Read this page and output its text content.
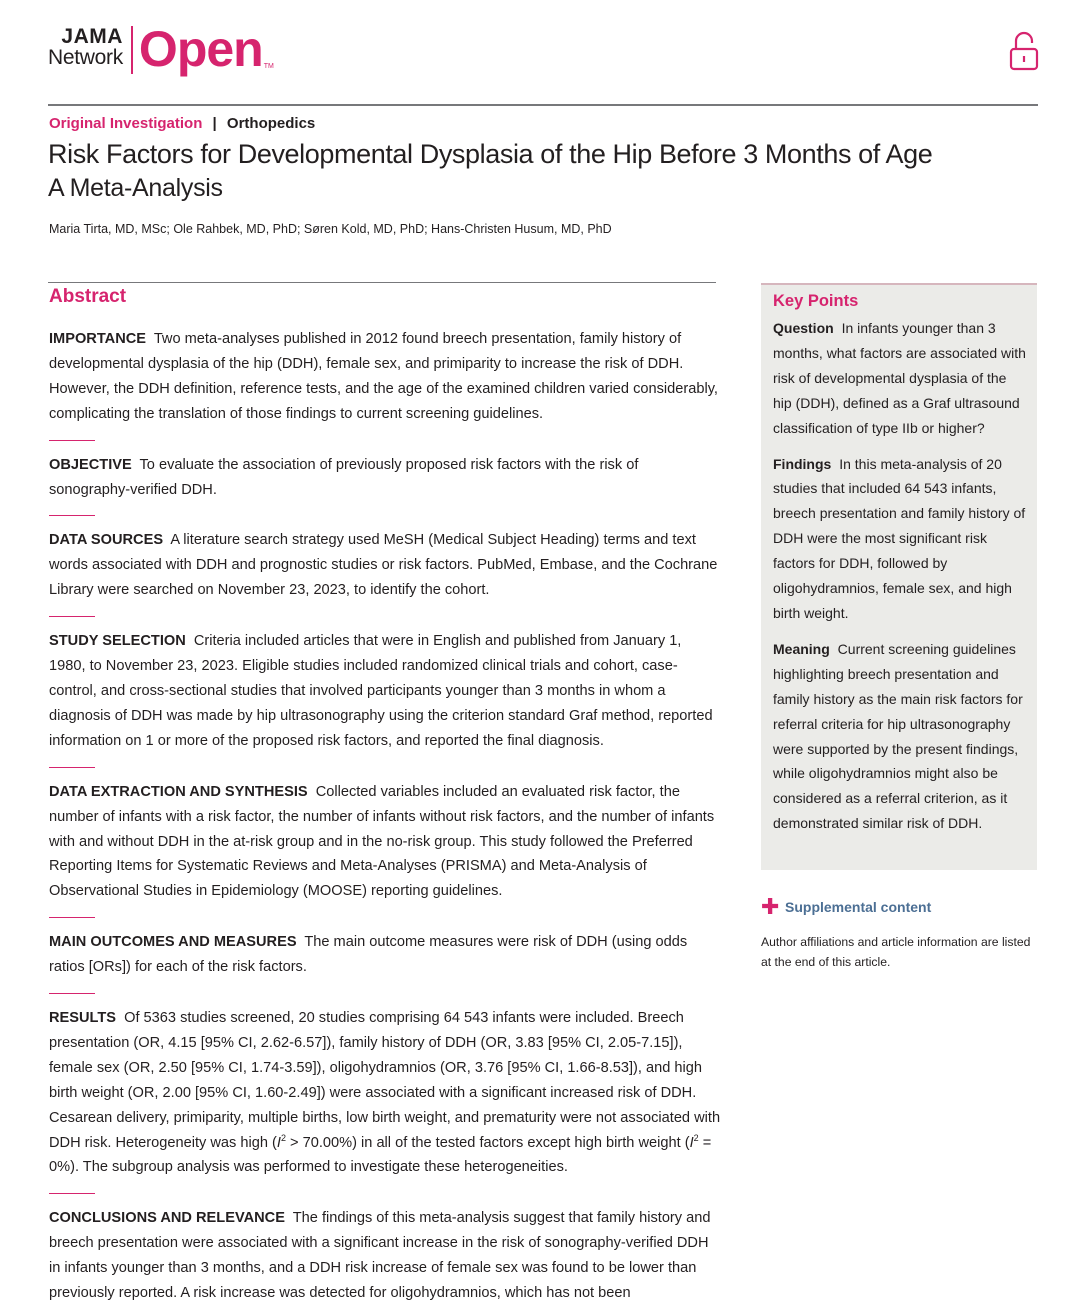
JAMA
Network Open TM
Original Investigation | Orthopedics
Risk Factors for Developmental Dysplasia of the Hip Before 3 Months of Age
A Meta-Analysis
Maria Tirta, MD, MSc; Ole Rahbek, MD, PhD; Søren Kold, MD, PhD; Hans-Christen Husum, MD, PhD
Abstract
IMPORTANCE Two meta-analyses published in 2012 found breech presentation, family history of developmental dysplasia of the hip (DDH), female sex, and primiparity to increase the risk of DDH. However, the DDH definition, reference tests, and the age of the examined children varied considerably, complicating the translation of those findings to current screening guidelines.
OBJECTIVE To evaluate the association of previously proposed risk factors with the risk of sonography-verified DDH.
DATA SOURCES A literature search strategy used MeSH (Medical Subject Heading) terms and text words associated with DDH and prognostic studies or risk factors. PubMed, Embase, and the Cochrane Library were searched on November 23, 2023, to identify the cohort.
STUDY SELECTION Criteria included articles that were in English and published from January 1, 1980, to November 23, 2023. Eligible studies included randomized clinical trials and cohort, case-control, and cross-sectional studies that involved participants younger than 3 months in whom a diagnosis of DDH was made by hip ultrasonography using the criterion standard Graf method, reported information on 1 or more of the proposed risk factors, and reported the final diagnosis.
DATA EXTRACTION AND SYNTHESIS Collected variables included an evaluated risk factor, the number of infants with a risk factor, the number of infants without risk factors, and the number of infants with and without DDH in the at-risk group and in the no-risk group. This study followed the Preferred Reporting Items for Systematic Reviews and Meta-Analyses (PRISMA) and Meta-Analysis of Observational Studies in Epidemiology (MOOSE) reporting guidelines.
MAIN OUTCOMES AND MEASURES The main outcome measures were risk of DDH (using odds ratios [ORs]) for each of the risk factors.
RESULTS Of 5363 studies screened, 20 studies comprising 64 543 infants were included. Breech presentation (OR, 4.15 [95% CI, 2.62-6.57]), family history of DDH (OR, 3.83 [95% CI, 2.05-7.15]), female sex (OR, 2.50 [95% CI, 1.74-3.59]), oligohydramnios (OR, 3.76 [95% CI, 1.66-8.53]), and high birth weight (OR, 2.00 [95% CI, 1.60-2.49]) were associated with a significant increased risk of DDH. Cesarean delivery, primiparity, multiple births, low birth weight, and prematurity were not associated with DDH risk. Heterogeneity was high $(I^2 > 70.00\%)$ in all of the tested factors except high birth weight $(I^2 = 0\%)$. The subgroup analysis was performed to investigate these heterogeneities.
CONCLUSIONS AND RELEVANCE The findings of this meta-analysis suggest that family history and breech presentation were associated with a significant increase in the risk of sonography-verified DDH in infants younger than 3 months, and a DDH risk increase of female sex was found to be lower than previously reported. A risk increase was detected for oligohydramnios, which has not been
Key Points
Question In infants younger than 3 months, what factors are associated with risk of developmental dysplasia of the hip (DDH), defined as a Graf ultrasound classification of type IIb or higher?
Findings In this meta-analysis of 20 studies that included 64 543 infants, breech presentation and family history of DDH were the most significant risk factors for DDH, followed by oligohydramnios, female sex, and high birth weight.
Meaning Current screening guidelines highlighting breech presentation and family history as the main risk factors for referral criteria for hip ultrasonography were supported by the present findings, while oligohydramnios might also be considered as a referral criterion, as it demonstrated similar risk of DDH.
✚ Supplemental content
Author affiliations and article information are listed at the end of this article.
